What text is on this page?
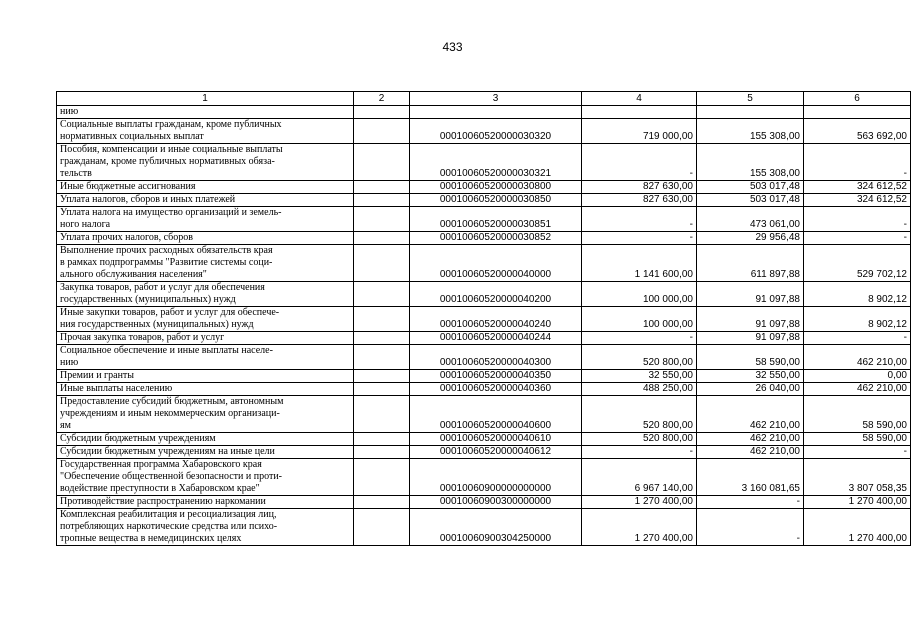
433
1	2	3	4	5	6

нию					

Социальные выплаты гражданам, кроме публичных
нормативных социальных выплат		00010060520000030320	719 000,00	155 308,00	563 692,00

Пособия, компенсации и иные социальные выплаты
гражданам, кроме публичных нормативных обяза-
тельств		00010060520000030321	-	155 308,00	-

Иные бюджетные ассигнования		00010060520000030800	827 630,00	503 017,48	324 612,52

Уплата налогов, сборов и иных платежей		00010060520000030850	827 630,00	503 017,48	324 612,52

Уплата налога на имущество организаций и земель-
ного налога		00010060520000030851	-	473 061,00	-

Уплата прочих налогов, сборов		00010060520000030852	-	29 956,48	-

Выполнение прочих расходных обязательств края
в рамках подпрограммы "Развитие системы соци-
ального обслуживания населения"		00010060520000040000	1 141 600,00	611 897,88	529 702,12

Закупка товаров, работ и услуг для обеспечения
государственных (муниципальных) нужд		00010060520000040200	100 000,00	91 097,88	8 902,12

Иные закупки товаров, работ и услуг для обеспече-
ния государственных (муниципальных) нужд		00010060520000040240	100 000,00	91 097,88	8 902,12

Прочая закупка товаров, работ и услуг		00010060520000040244	-	91 097,88	-

Социальное обеспечение и иные выплаты населе-
нию		00010060520000040300	520 800,00	58 590,00	462 210,00

Премии и гранты		00010060520000040350	32 550,00	32 550,00	0,00

Иные выплаты населению		00010060520000040360	488 250,00	26 040,00	462 210,00

Предоставление субсидий бюджетным, автономным
учреждениям и иным некоммерческим организаци-
ям		00010060520000040600	520 800,00	462 210,00	58 590,00

Субсидии бюджетным учреждениям		00010060520000040610	520 800,00	462 210,00	58 590,00

Субсидии бюджетным учреждениям на иные цели		00010060520000040612	-	462 210,00	-

Государственная программа Хабаровского края
"Обеспечение общественной безопасности и проти-
водействие преступности в Хабаровском крае"		00010060900000000000	6 967 140,00	3 160 081,65	3 807 058,35

Противодействие распространению наркомании		00010060900300000000	1 270 400,00	-	1 270 400,00

Комплексная реабилитация и ресоциализация лиц,
потребляющих наркотические средства или психо-
тропные вещества в немедицинских целях		00010060900304250000	1 270 400,00	-	1 270 400,00
